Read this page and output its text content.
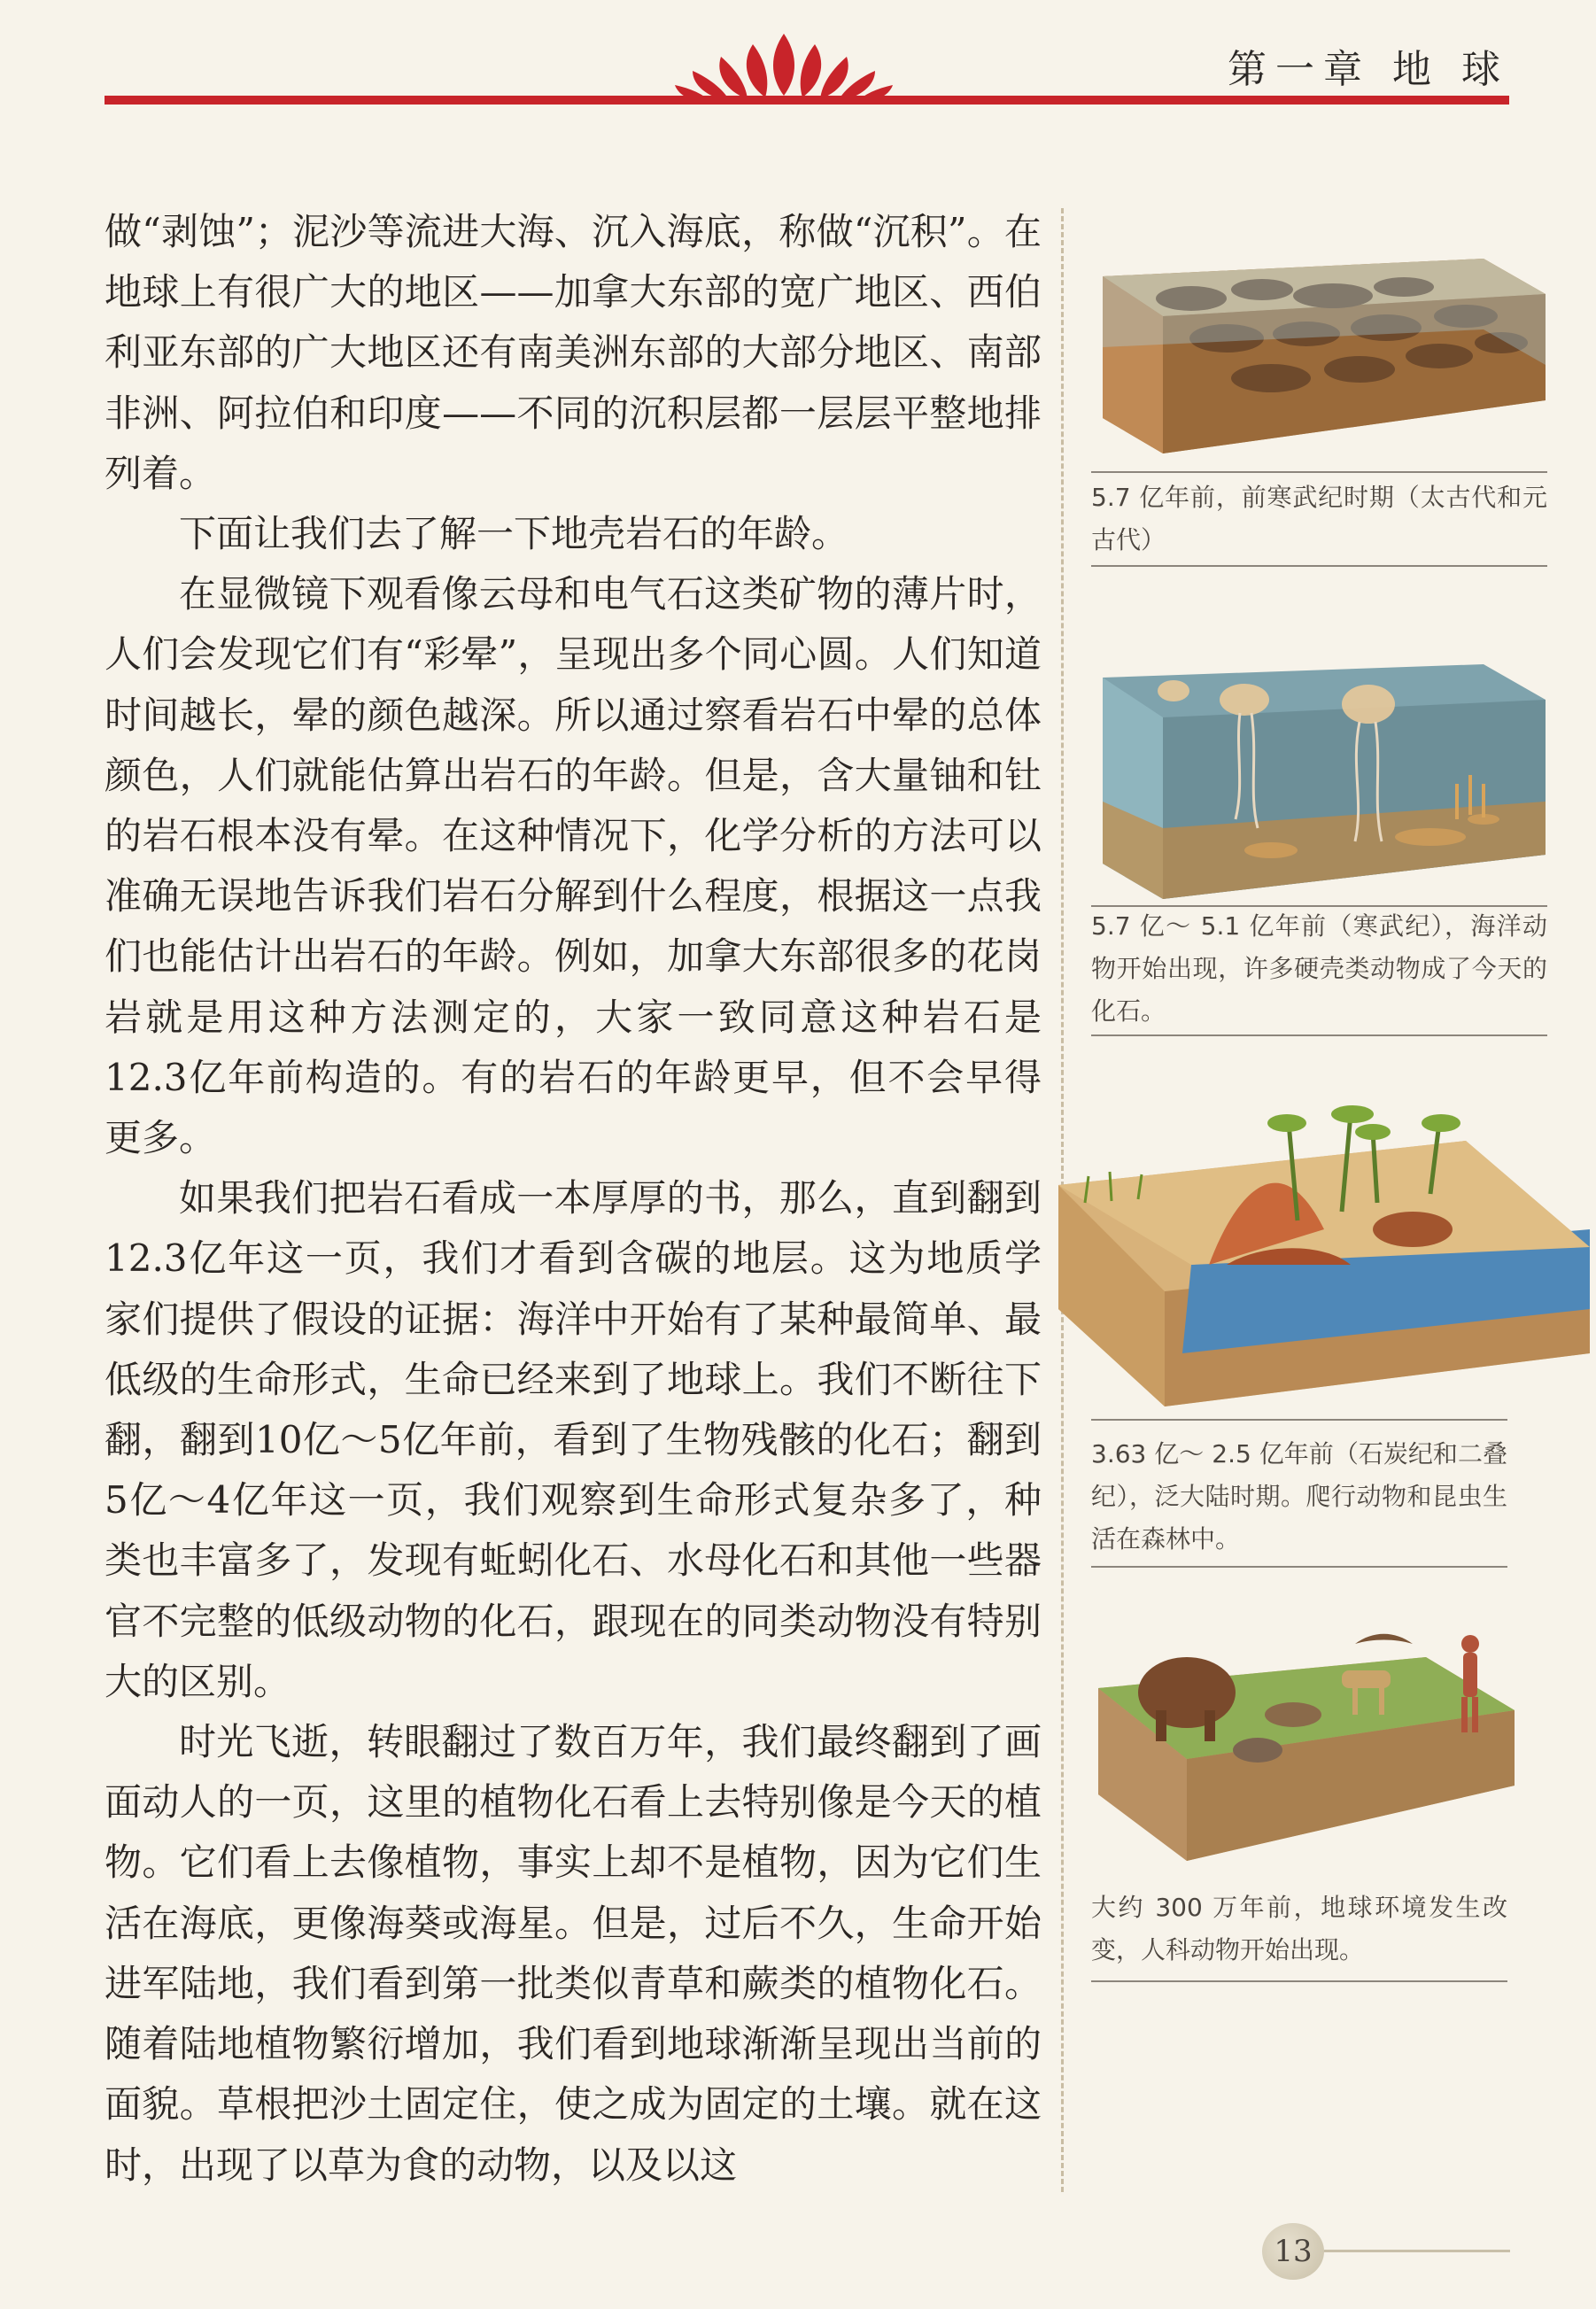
第一章 地 球

做“剥蚀”；泥沙等流进大海、沉入海底，称做“沉积”。在地球上有很广大的地区——加拿大东部的宽广地区、西伯利亚东部的广大地区还有南美洲东部的大部分地区、南部非洲、阿拉伯和印度——不同的沉积层都一层层平整地排列着。

下面让我们去了解一下地壳岩石的年龄。

在显微镜下观看像云母和电气石这类矿物的薄片时，人们会发现它们有“彩晕”，呈现出多个同心圆。人们知道时间越长，晕的颜色越深。所以通过察看岩石中晕的总体颜色，人们就能估算出岩石的年龄。但是，含大量铀和钍的岩石根本没有晕。在这种情况下，化学分析的方法可以准确无误地告诉我们岩石分解到什么程度，根据这一点我们也能估计出岩石的年龄。例如，加拿大东部很多的花岗岩就是用这种方法测定的，大家一致同意这种岩石是12.3亿年前构造的。有的岩石的年龄更早，但不会早得更多。

如果我们把岩石看成一本厚厚的书，那么，直到翻到12.3亿年这一页，我们才看到含碳的地层。这为地质学家们提供了假设的证据：海洋中开始有了某种最简单、最低级的生命形式，生命已经来到了地球上。我们不断往下翻，翻到10亿～5亿年前，看到了生物残骸的化石；翻到5亿～4亿年这一页，我们观察到生命形式复杂多了，种类也丰富多了，发现有蚯蚓化石、水母化石和其他一些器官不完整的低级动物的化石，跟现在的同类动物没有特别大的区别。

时光飞逝，转眼翻过了数百万年，我们最终翻到了画面动人的一页，这里的植物化石看上去特别像是今天的植物。它们看上去像植物，事实上却不是植物，因为它们生活在海底，更像海葵或海星。但是，过后不久，生命开始进军陆地，我们看到第一批类似青草和蕨类的植物化石。随着陆地植物繁衍增加，我们看到地球渐渐呈现出当前的面貌。草根把沙土固定住，使之成为固定的土壤。就在这时，出现了以草为食的动物，以及以这

5.7 亿年前，前寒武纪时期（太古代和元古代）
5.7 亿～ 5.1 亿年前（寒武纪），海洋动物开始出现，许多硬壳类动物成了今天的化石。
3.63 亿～ 2.5 亿年前（石炭纪和二叠纪），泛大陆时期。爬行动物和昆虫生活在森林中。
大约 300 万年前，地球环境发生改变，人科动物开始出现。
13
